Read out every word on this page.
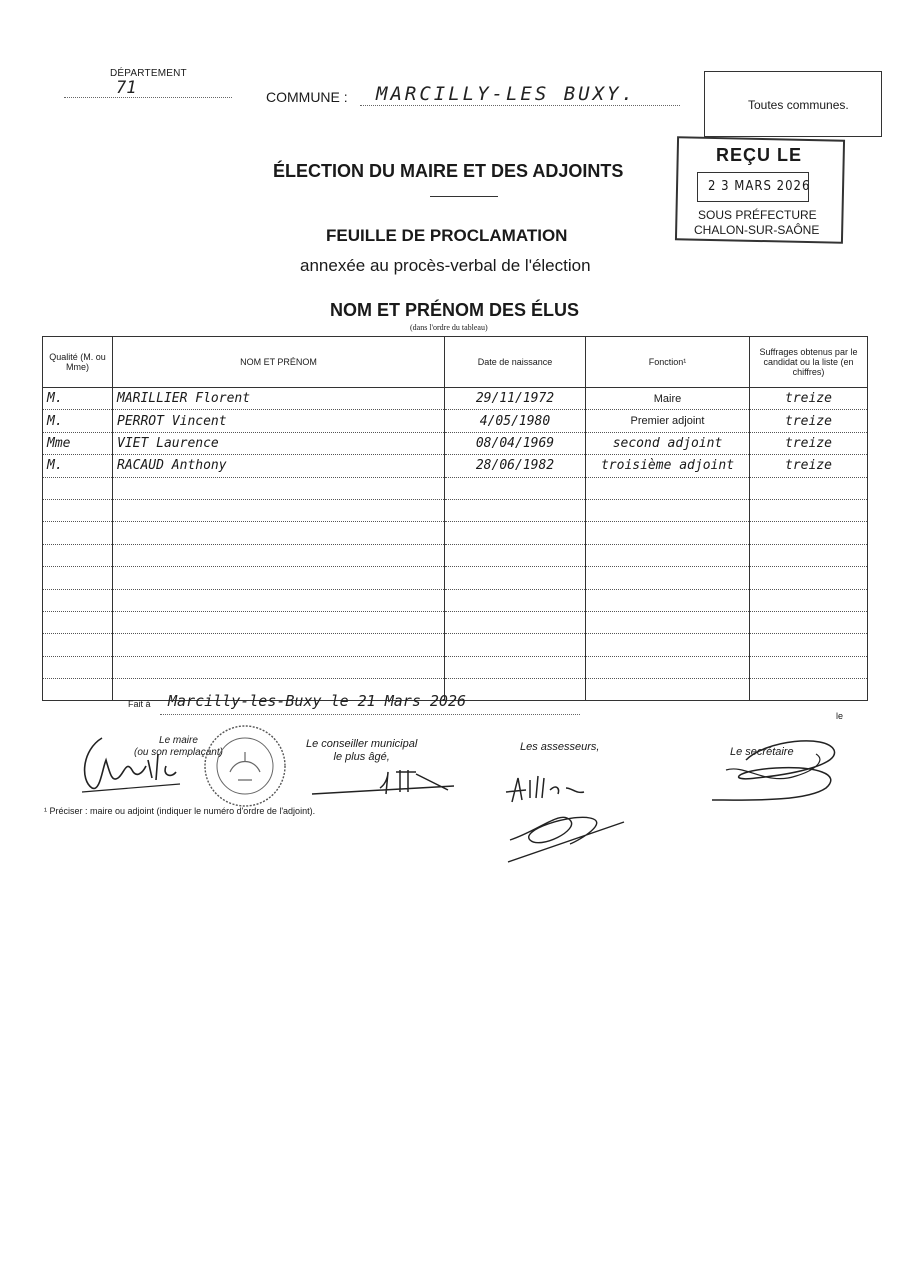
DÉPARTEMENT
71	COMMUNE : MARCILLY-LES BUXY.	Toutes communes.
REÇU LE
2 3 MARS 2026
SOUS PRÉFECTURE
CHALON-SUR-SAÔNE
ÉLECTION DU MAIRE ET DES ADJOINTS
FEUILLE DE PROCLAMATION
annexée au procès-verbal de l'élection
NOM ET PRÉNOM DES ÉLUS
(dans l'ordre du tableau)
Qualité (M. ou Mme)	NOM ET PRÉNOM	Date de naissance	Fonction¹	Suffrages obtenus par le candidat ou la liste (en chiffres)
M.	MARILLIER Florent	29/11/1972	Maire	treize
M.	PERROT Vincent	4/05/1980	Premier adjoint	treize
Mme	VIET Laurence	08/04/1969	second adjoint	treize
M.	RACAUD Anthony	28/06/1982	troisième adjoint	treize

Fait à Marcilly-les-Buxy le 21 Mars 2026
le
Le maire
(ou son remplaçant)
Le conseiller municipal
le plus âgé,
Les assesseurs,	Le secrétaire
¹ Préciser : maire ou adjoint (indiquer le numéro d'ordre de l'adjoint).
